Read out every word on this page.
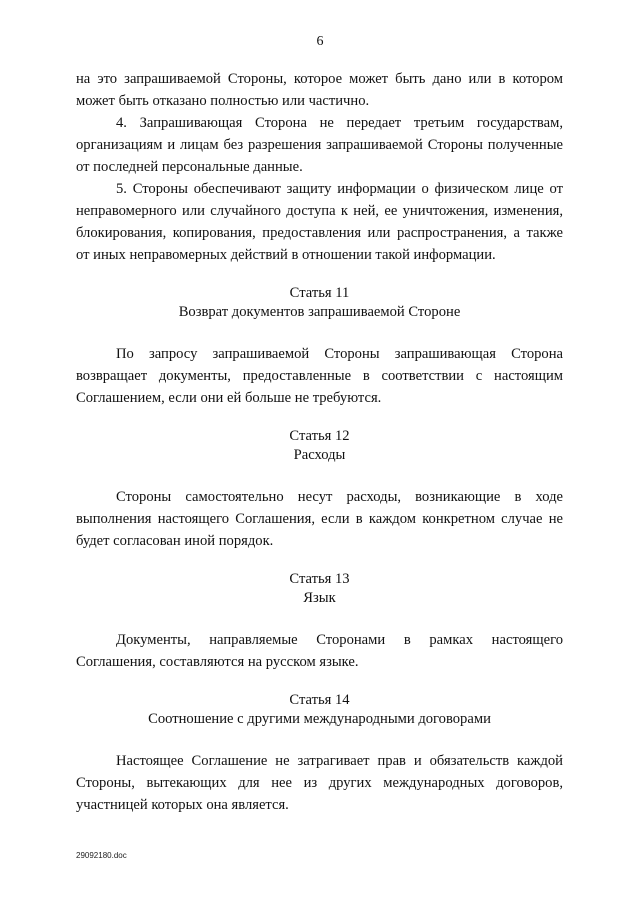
6

на это запрашиваемой Стороны, которое может быть дано или в котором может быть отказано полностью или частично.

4. Запрашивающая Сторона не передает третьим государствам, организациям и лицам без разрешения запрашиваемой Стороны полученные от последней персональные данные.

5. Стороны обеспечивают защиту информации о физическом лице от неправомерного или случайного доступа к ней, ее уничтожения, изменения, блокирования, копирования, предоставления или распространения, а также от иных неправомерных действий в отношении такой информации.

Статья 11
Возврат документов запрашиваемой Стороне

По запросу запрашиваемой Стороны запрашивающая Сторона возвращает документы, предоставленные в соответствии с настоящим Соглашением, если они ей больше не требуются.

Статья 12
Расходы

Стороны самостоятельно несут расходы, возникающие в ходе выполнения настоящего Соглашения, если в каждом конкретном случае не будет согласован иной порядок.

Статья 13
Язык

Документы, направляемые Сторонами в рамках настоящего Соглашения, составляются на русском языке.

Статья 14
Соотношение с другими международными договорами

Настоящее Соглашение не затрагивает прав и обязательств каждой Стороны, вытекающих для нее из других международных договоров, участницей которых она является.

29092180.doc
